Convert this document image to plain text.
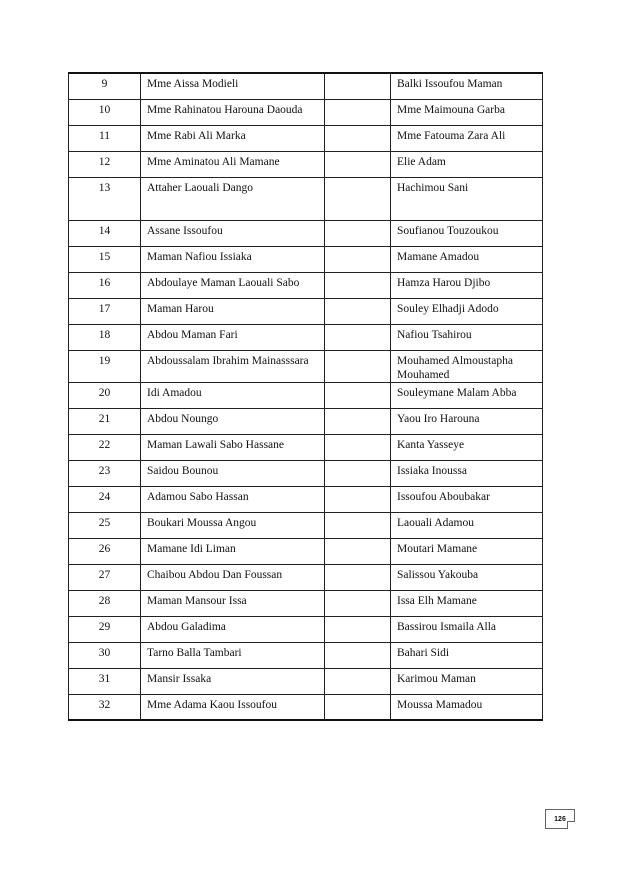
9	Mme Aissa Modieli		Balki Issoufou Maman
10	Mme Rahinatou Harouna Daouda		Mme Maimouna Garba
11	Mme Rabi Ali Marka		Mme Fatouma Zara Ali
12	Mme Aminatou Ali Mamane		Elie Adam
13	Attaher Laouali Dango		Hachimou Sani
14	Assane Issoufou		Soufianou Touzoukou
15	Maman Nafiou Issiaka		Mamane Amadou
16	Abdoulaye Maman Laouali Sabo		Hamza Harou Djibo
17	Maman Harou		Souley Elhadji Adodo
18	Abdou Maman Fari		Nafiou Tsahirou
19	Abdoussalam Ibrahim Mainasssara		Mouhamed Almoustapha Mouhamed
20	Idi Amadou		Souleymane Malam Abba
21	Abdou Noungo		Yaou Iro Harouna
22	Maman Lawali Sabo Hassane		Kanta Yasseye
23	Saidou Bounou		Issiaka Inoussa
24	Adamou Sabo Hassan		Issoufou Aboubakar
25	Boukari Moussa Angou		Laouali Adamou
26	Mamane Idi Liman		Moutari Mamane
27	Chaibou Abdou Dan Foussan		Salissou Yakouba
28	Maman Mansour Issa		Issa Elh Mamane
29	Abdou Galadima		Bassirou Ismaila Alla
30	Tarno Balla Tambari		Bahari Sidi
31	Mansir Issaka		Karimou Maman
32	Mme Adama Kaou Issoufou		Moussa Mamadou
126
